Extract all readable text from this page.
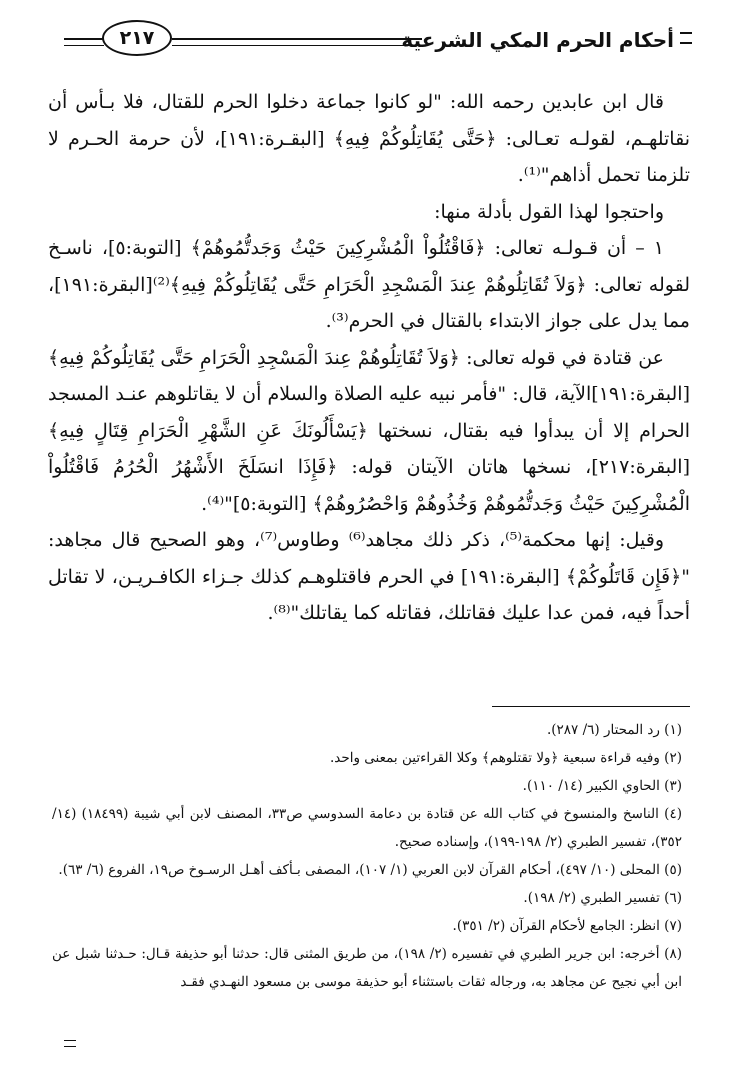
أحكام الحرم المكي الشرعية
٢١٧

قال ابن عابدين رحمه الله: "لو كانوا جماعة دخلوا الحرم للقتال، فلا بـأس أن نقاتلهـم، لقولـه تعـالى: ﴿حَتَّى يُقَاتِلُوكُمْ فِيهِ﴾ [البقـرة:١٩١]، لأن حرمة الحـرم لا تلزمنا تحمل أذاهم"⁽¹⁾.

واحتجوا لهذا القول بأدلة منها:

١ – أن قـولـه تعالى: ﴿فَاقْتُلُواْ الْمُشْرِكِينَ حَيْثُ وَجَدتُّمُوهُمْ﴾ [التوبة:٥]، ناسـخ لقوله تعالى: ﴿وَلاَ تُقَاتِلُوهُمْ عِندَ الْمَسْجِدِ الْحَرَامِ حَتَّى يُقَاتِلُوكُمْ فِيهِ﴾⁽²⁾[البقرة:١٩١]، مما يدل على جواز الابتداء بالقتال في الحرم⁽³⁾.

عن قتادة في قوله تعالى: ﴿وَلاَ تُقَاتِلُوهُمْ عِندَ الْمَسْجِدِ الْحَرَامِ حَتَّى يُقَاتِلُوكُمْ فِيهِ﴾ [البقرة:١٩١]الآية، قال: "فأمر نبيه عليه الصلاة والسلام أن لا يقاتلوهم عنـد المسجد الحرام إلا أن يبدأوا فيه بقتال، نسختها ﴿يَسْأَلُونَكَ عَنِ الشَّهْرِ الْحَرَامِ قِتَالٍ فِيهِ﴾[البقرة:٢١٧]، نسخها هاتان الآيتان قوله: ﴿فَإِذَا انسَلَخَ الأَشْهُرُ الْحُرُمُ فَاقْتُلُواْ الْمُشْرِكِينَ حَيْثُ وَجَدتُّمُوهُمْ وَخُذُوهُمْ وَاحْصُرُوهُمْ﴾ [التوبة:٥]"⁽⁴⁾.

وقيل: إنها محكمة⁽⁵⁾، ذكر ذلك مجاهد⁽⁶⁾ وطاوس⁽⁷⁾، وهو الصحيح قال مجاهد: "﴿فَإِن قَاتَلُوكُمْ﴾ [البقرة:١٩١] في الحرم فاقتلوهـم كذلك جـزاء الكافـريـن، لا تقاتل أحداً فيه، فمن عدا عليك فقاتلك، فقاتله كما يقاتلك"⁽⁸⁾.

(١) رد المحتار (٦/ ٢٨٧).

(٢) وفيه قراءة سبعية ﴿ولا تقتلوهم﴾ وكلا القراءتين بمعنى واحد.

(٣) الحاوي الكبير (١٤/ ١١٠).

(٤) الناسخ والمنسوخ في كتاب الله عن قتادة بن دعامة السدوسي ص٣٣، المصنف لابن أبي شيبة (١٨٤٩٩) (١٤/ ٣٥٢)، تفسير الطبري (٢/ ١٩٨-١٩٩)، وإسناده صحيح.

(٥) المحلى (١٠/ ٤٩٧)، أحكام القرآن لابن العربي (١/ ١٠٧)، المصفى بـأكف أهـل الرسـوخ ص١٩، الفروع (٦/ ٦٣).

(٦) تفسير الطبري (٢/ ١٩٨).

(٧) انظر: الجامع لأحكام القرآن (٢/ ٣٥١).

(٨) أخرجه: ابن جرير الطبري في تفسيره (٢/ ١٩٨)، من طريق المثنى قال: حدثنا أبو حذيفة قـال: حـدثنا شبل عن ابن أبي نجيح عن مجاهد به، ورجاله ثقات باستثناء أبو حذيفة موسى بن مسعود النهـدي فقـد
